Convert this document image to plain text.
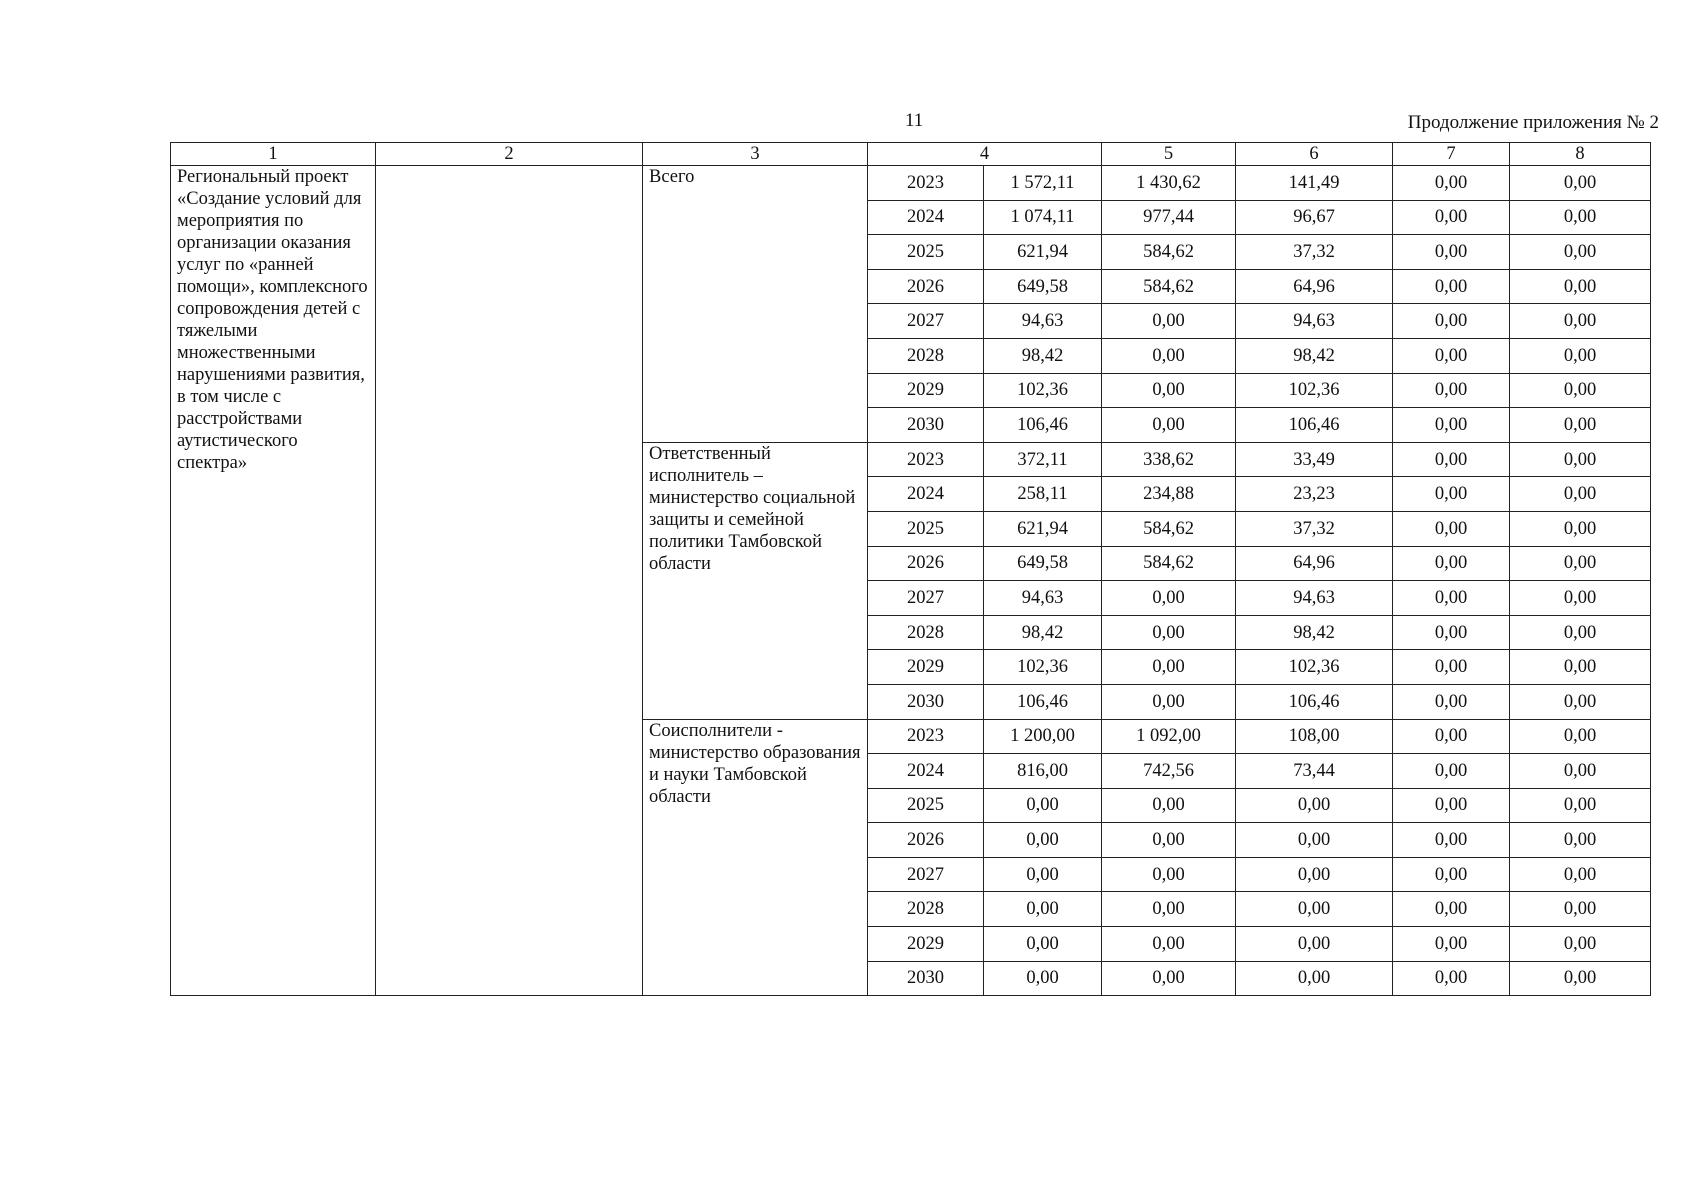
11	Продолжение приложения № 2
1	2	3	4		5	6	7	8
Региональный проект «Создание условий для мероприятия по организации оказания услуг по «ранней помощи», комплексного сопровождения детей с тяжелыми множественными нарушениями развития, в том числе с расстройствами аутистического спектра»		Всего	2023	1 572,11	1 430,62	141,49	0,00	0,00
			2024	1 074,11	977,44	96,67	0,00	0,00
			2025	621,94	584,62	37,32	0,00	0,00
			2026	649,58	584,62	64,96	0,00	0,00
			2027	94,63	0,00	94,63	0,00	0,00
			2028	98,42	0,00	98,42	0,00	0,00
			2029	102,36	0,00	102,36	0,00	0,00
			2030	106,46	0,00	106,46	0,00	0,00
		Ответственный исполнитель – министерство социальной защиты и семейной политики Тамбовской области	2023	372,11	338,62	33,49	0,00	0,00
			2024	258,11	234,88	23,23	0,00	0,00
			2025	621,94	584,62	37,32	0,00	0,00
			2026	649,58	584,62	64,96	0,00	0,00
			2027	94,63	0,00	94,63	0,00	0,00
			2028	98,42	0,00	98,42	0,00	0,00
			2029	102,36	0,00	102,36	0,00	0,00
			2030	106,46	0,00	106,46	0,00	0,00
		Соисполнители - министерство образования и науки Тамбовской области	2023	1 200,00	1 092,00	108,00	0,00	0,00
			2024	816,00	742,56	73,44	0,00	0,00
			2025	0,00	0,00	0,00	0,00	0,00
			2026	0,00	0,00	0,00	0,00	0,00
			2027	0,00	0,00	0,00	0,00	0,00
			2028	0,00	0,00	0,00	0,00	0,00
			2029	0,00	0,00	0,00	0,00	0,00
			2030	0,00	0,00	0,00	0,00	0,00
